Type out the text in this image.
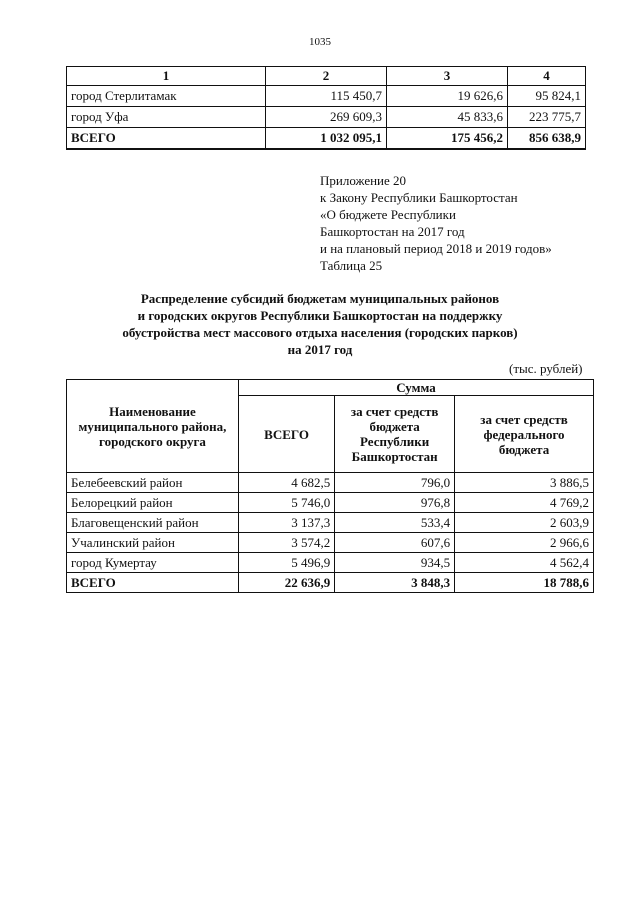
1035
1	2	3	4
город Стерлитамак	115 450,7	19 626,6	95 824,1
город Уфа	269 609,3	45 833,6	223 775,7
ВСЕГО	1 032 095,1	175 456,2	856 638,9
Приложение 20
к Закону Республики Башкортостан
«О бюджете Республики
Башкортостан на 2017 год
и на плановый период 2018 и 2019 годов»
Таблица 25
Распределение субсидий бюджетам муниципальных районов
и городских округов Республики Башкортостан на поддержку
обустройства мест массового отдыха населения (городских парков)
на 2017 год
(тыс. рублей)
Наименование муниципального района, городского округа	Сумма		
	ВСЕГО	за счет средств бюджета Республики Башкортостан	за счет средств федерального бюджета
Белебеевский район	4 682,5	796,0	3 886,5
Белорецкий район	5 746,0	976,8	4 769,2
Благовещенский район	3 137,3	533,4	2 603,9
Учалинский район	3 574,2	607,6	2 966,6
город Кумертау	5 496,9	934,5	4 562,4
ВСЕГО	22 636,9	3 848,3	18 788,6
